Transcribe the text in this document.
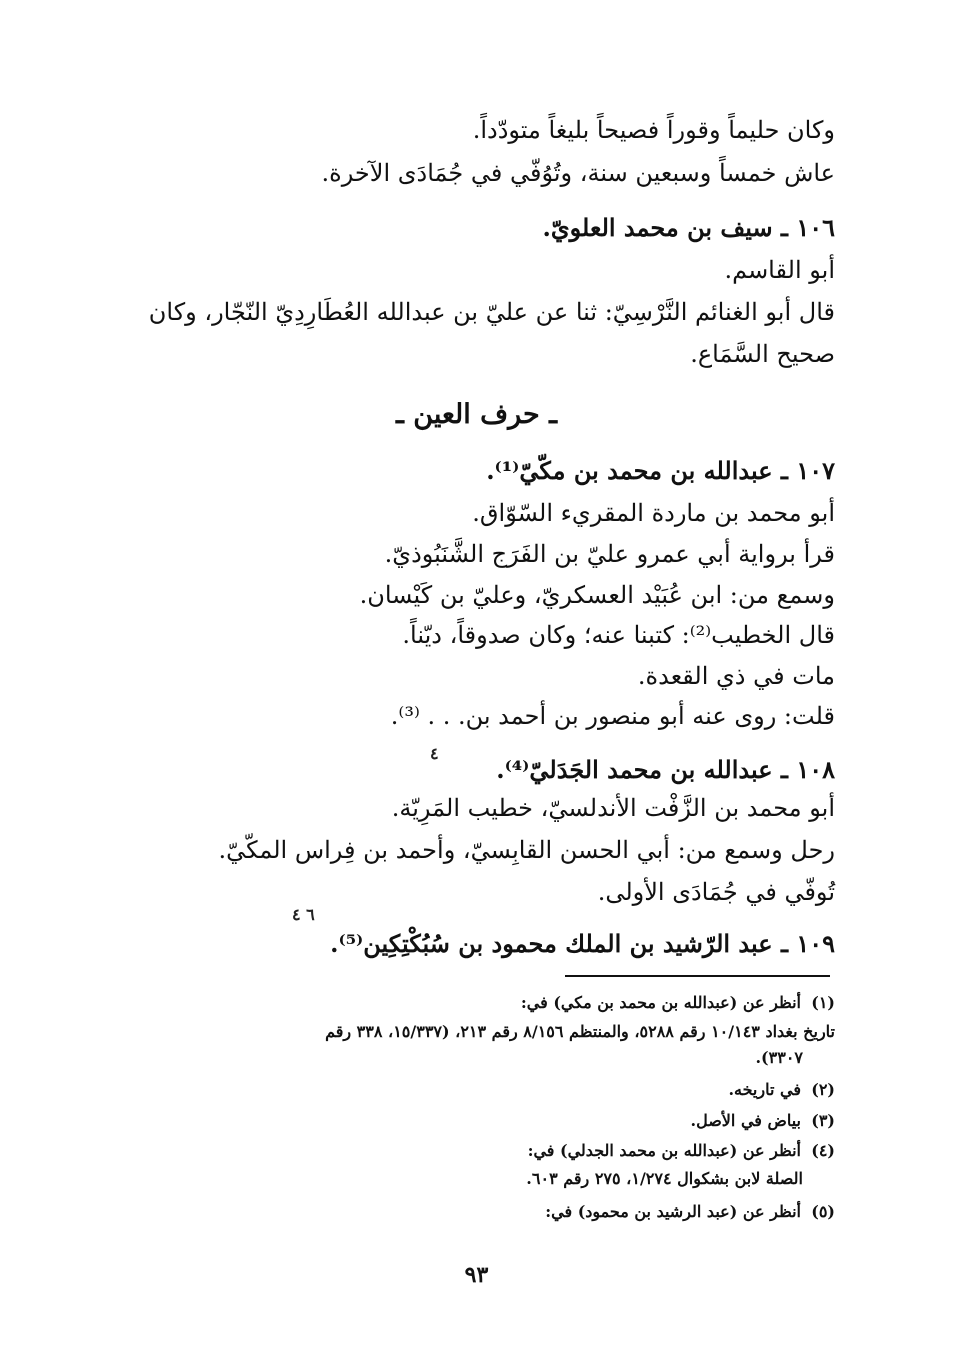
وكان حليماً وقوراً فصيحاً بليغاً متودّداً.
عاش خمساً وسبعين سنة، وتُوُفّي في جُمَادَى الآخرة.
١٠٦ ـ سيف بن محمد العلويّ.
أبو القاسم.
قال أبو الغنائم النَّرْسِيّ: ثنا عن عليّ بن عبدالله العُطَارِدِيّ النّجّار، وكان
صحيح السَّمَاع.
ـ حرف العين ـ
١٠٧ ـ عبدالله بن محمد بن مكّيّ⁽¹⁾.
أبو محمد بن ماردة المقريء السّوّاق.
قرأ برواية أبي عمرو عليّ بن الفَرَج الشَّنَبُوذيّ.
وسمع من: ابن عُبَيْد العسكريّ، وعليّ بن كَيْسان.
قال الخطيب⁽²⁾: كتبنا عنه؛ وكان صدوقاً، ديّناً.
مات في ذي القعدة.
قلت: روى عنه أبو منصور بن أحمد بن. . . ⁽³⁾.
١٠٨ ـ عبدالله بن محمد الجَدَليّ⁽⁴⁾.
٤
أبو محمد بن الزَّفْت الأندلسيّ، خطيب المَرِيّة.
رحل وسمع من: أبي الحسن القابِسيّ، وأحمد بن فِراس المكّيّ.
تُوفّي في جُمَادَى الأولى.
٦ ٤
١٠٩ ـ عبد الرّشيد بن الملك محمود بن سُبُكْتِكِين⁽⁵⁾.
(١)أنظر عن (عبدالله بن محمد بن مكي) في:
تاريخ بغداد ١٠/١٤٣ رقم ٥٢٨٨، والمنتظم ٨/١٥٦ رقم ٢١٣، (١٥/٣٣٧، ٣٣٨ رقم
٣٣٠٧).
(٢)في تاريخه.
(٣)بياض في الأصل.
(٤)أنظر عن (عبدالله بن محمد الجدلي) في:
الصلة لابن بشكوال ١/٢٧٤، ٢٧٥ رقم ٦٠٣.
(٥)أنظر عن (عبد الرشيد بن محمود) في:
٩٣
